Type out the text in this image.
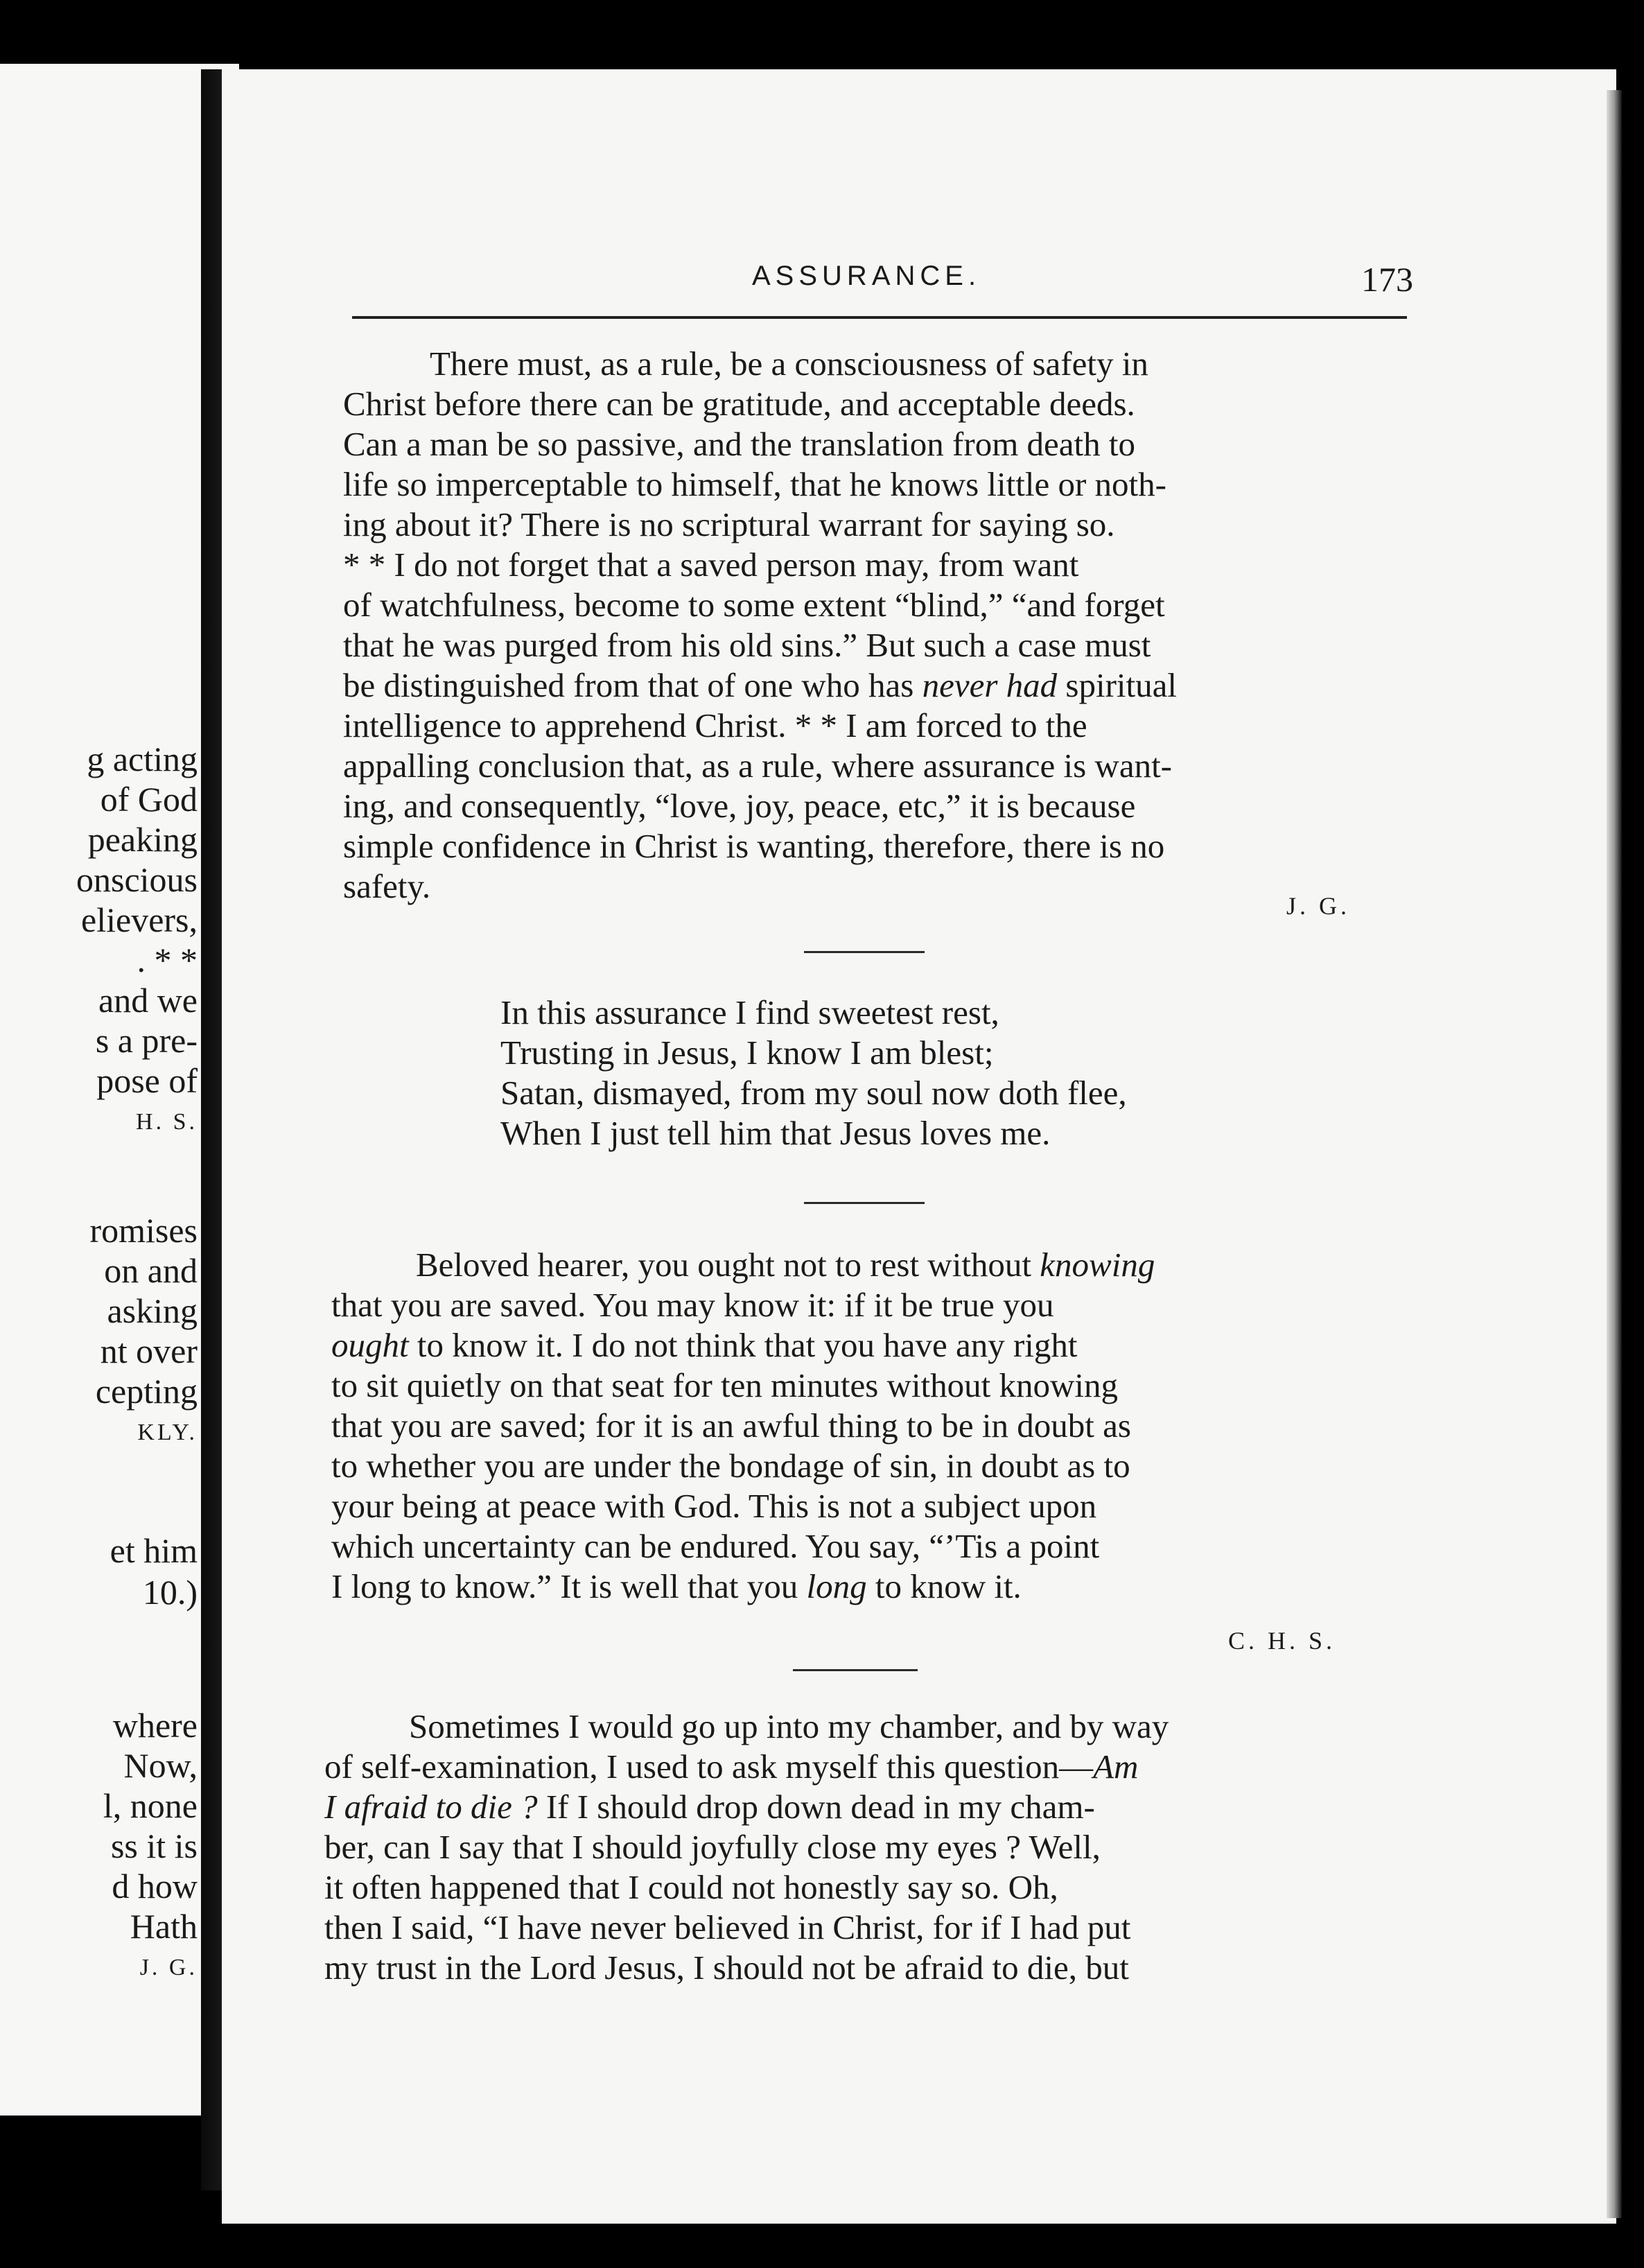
g acting
of God
peaking
onscious
elievers,
. * *
and we
s a pre-
pose of
H. S.
romises
on and
asking
nt over
cepting
KLY.
et him
10.)
where
Now,
l, none
ss it is
d how
Hath
J. G.
ASSURANCE.	173
There must, as a rule, be a consciousness of safety in
Christ before there can be gratitude, and acceptable deeds.
Can a man be so passive, and the translation from death to
life so imperceptable to himself, that he knows little or noth-
ing about it? There is no scriptural warrant for saying so.
* * I do not forget that a saved person may, from want
of watchfulness, become to some extent “blind,” “and forget
that he was purged from his old sins.” But such a case must
be distinguished from that of one who has never had spiritual
intelligence to apprehend Christ. * * I am forced to the
appalling conclusion that, as a rule, where assurance is want-
ing, and consequently, “love, joy, peace, etc,” it is because
simple confidence in Christ is wanting, therefore, there is no
safety.
J. G.
In this assurance I find sweetest rest,
Trusting in Jesus, I know I am blest;
Satan, dismayed, from my soul now doth flee,
When I just tell him that Jesus loves me.
Beloved hearer, you ought not to rest without knowing
that you are saved. You may know it: if it be true you
ought to know it. I do not think that you have any right
to sit quietly on that seat for ten minutes without knowing
that you are saved; for it is an awful thing to be in doubt as
to whether you are under the bondage of sin, in doubt as to
your being at peace with God. This is not a subject upon
which uncertainty can be endured. You say, “’Tis a point
I long to know.” It is well that you long to know it.
C. H. S.
Sometimes I would go up into my chamber, and by way
of self-examination, I used to ask myself this question—Am
I afraid to die ? If I should drop down dead in my cham-
ber, can I say that I should joyfully close my eyes ? Well,
it often happened that I could not honestly say so. Oh,
then I said, “I have never believed in Christ, for if I had put
my trust in the Lord Jesus, I should not be afraid to die, but
